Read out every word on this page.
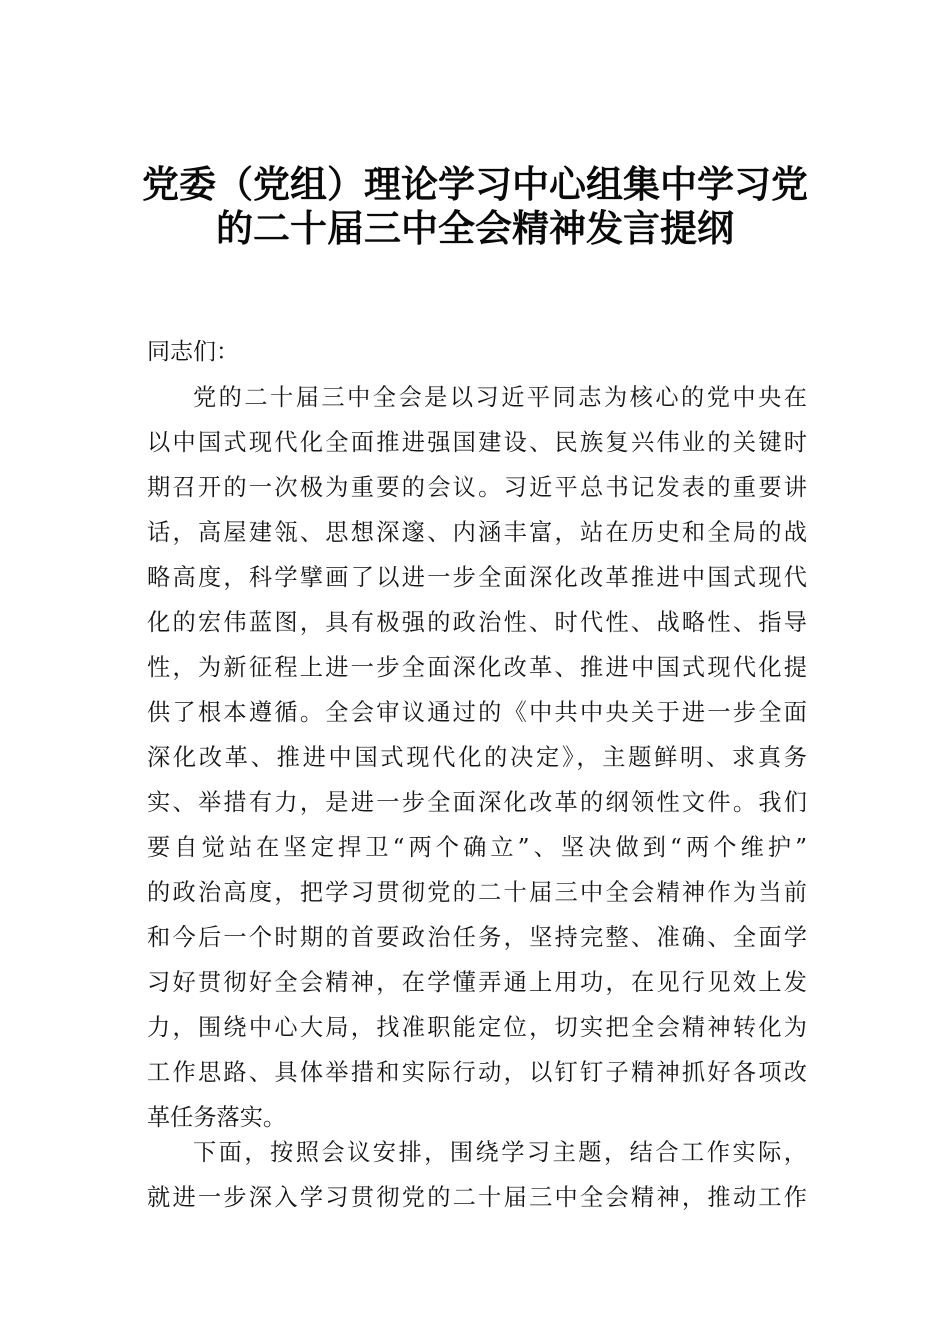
党委（党组）理论学习中心组集中学习党
的二十届三中全会精神发言提纲
同志们：
党的二十届三中全会是以习近平同志为核心的党中央在
以中国式现代化全面推进强国建设、民族复兴伟业的关键时
期召开的一次极为重要的会议。习近平总书记发表的重要讲
话，高屋建瓴、思想深邃、内涵丰富，站在历史和全局的战
略高度，科学擘画了以进一步全面深化改革推进中国式现代
化的宏伟蓝图，具有极强的政治性、时代性、战略性、指导
性，为新征程上进一步全面深化改革、推进中国式现代化提
供了根本遵循。全会审议通过的《中共中央关于进一步全面
深化改革、推进中国式现代化的决定》，主题鲜明、求真务
实、举措有力，是进一步全面深化改革的纲领性文件。我们
要自觉站在坚定捍卫“两个确立”、坚决做到“两个维护”
的政治高度，把学习贯彻党的二十届三中全会精神作为当前
和今后一个时期的首要政治任务，坚持完整、准确、全面学
习好贯彻好全会精神，在学懂弄通上用功，在见行见效上发
力，围绕中心大局，找准职能定位，切实把全会精神转化为
工作思路、具体举措和实际行动，以钉钉子精神抓好各项改
革任务落实。
下面，按照会议安排，围绕学习主题，结合工作实际，
就进一步深入学习贯彻党的二十届三中全会精神，推动工作
